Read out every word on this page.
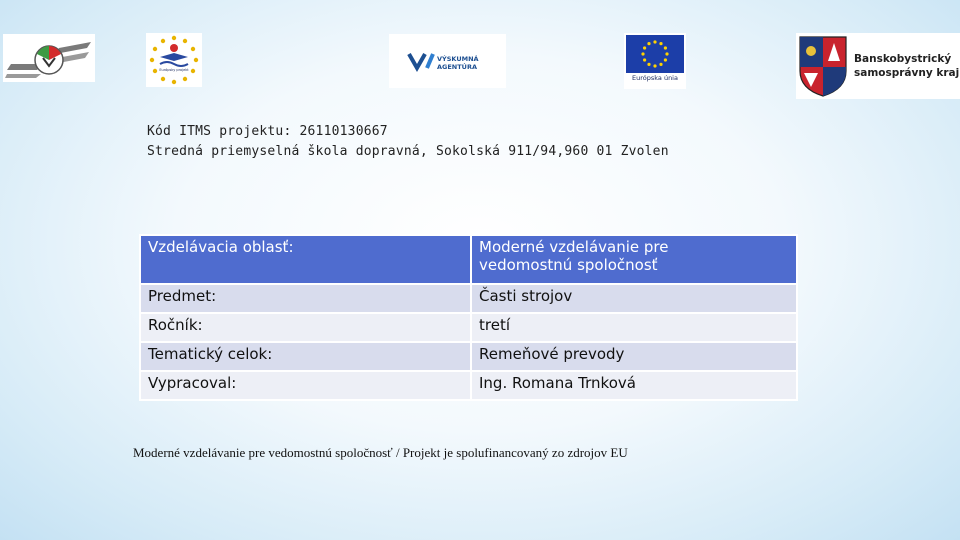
Európsky projekt
VÝSKUMNÁ
AGENTÚRA
Európska únia
Banskobystrický
samosprávny kraj
Kód ITMS projektu: 26110130667
Stredná priemyselná škola dopravná, Sokolská 911/94,960 01 Zvolen
Vzdelávacia oblasť:	Moderné vzdelávanie pre
vedomostnú spoločnosť
Predmet:	Časti strojov
Ročník:	tretí
Tematický celok:	Remeňové prevody
Vypracoval:	Ing. Romana Trnková
Moderné vzdelávanie pre vedomostnú spoločnosť / Projekt je spolufinancovaný zo zdrojov EU
